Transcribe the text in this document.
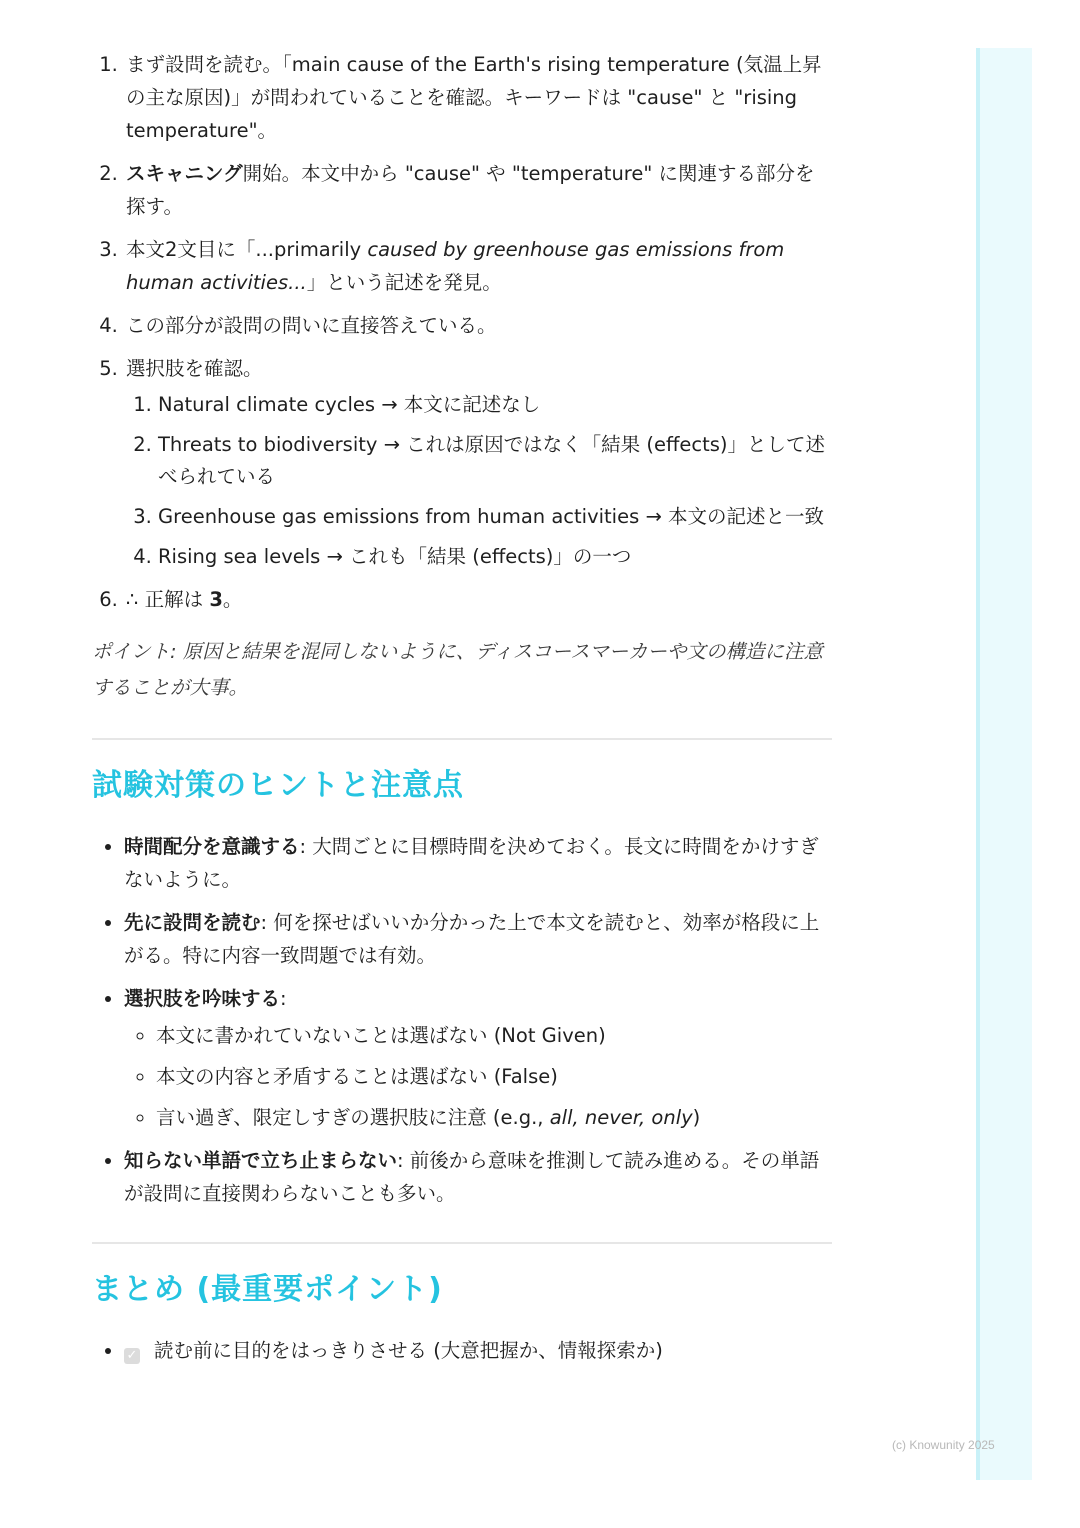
1. まず設問を読む。「main cause of the Earth's rising temperature (気温上昇の主な原因)」が問われていることを確認。キーワードは "cause" と "rising temperature"。
2. スキャニング開始。本文中から "cause" や "temperature" に関連する部分を探す。
3. 本文2文目に「...primarily caused by greenhouse gas emissions from human activities...」という記述を発見。
4. この部分が設問の問いに直接答えている。
5. 選択肢を確認。
1. Natural climate cycles → 本文に記述なし
2. Threats to biodiversity → これは原因ではなく「結果 (effects)」として述べられている
3. Greenhouse gas emissions from human activities → 本文の記述と一致
4. Rising sea levels → これも「結果 (effects)」の一つ
6. ∴ 正解は 3。

ポイント: 原因と結果を混同しないように、ディスコースマーカーや文の構造に注意することが大事。

試験対策のヒントと注意点
• 時間配分を意識する: 大問ごとに目標時間を決めておく。長文に時間をかけすぎないように。
• 先に設問を読む: 何を探せばいいか分かった上で本文を読むと、効率が格段に上がる。特に内容一致問題では有効。
• 選択肢を吟味する:
◦ 本文に書かれていないことは選ばない (Not Given)
◦ 本文の内容と矛盾することは選ばない (False)
◦ 言い過ぎ、限定しすぎの選択肢に注意 (e.g., all, never, only)
• 知らない単語で立ち止まらない: 前後から意味を推測して読み進める。その単語が設問に直接関わらないことも多い。
まとめ (最重要ポイント)
• ✓ 読む前に目的をはっきりさせる (大意把握か、情報探索か)
(c) Knowunity 2025
